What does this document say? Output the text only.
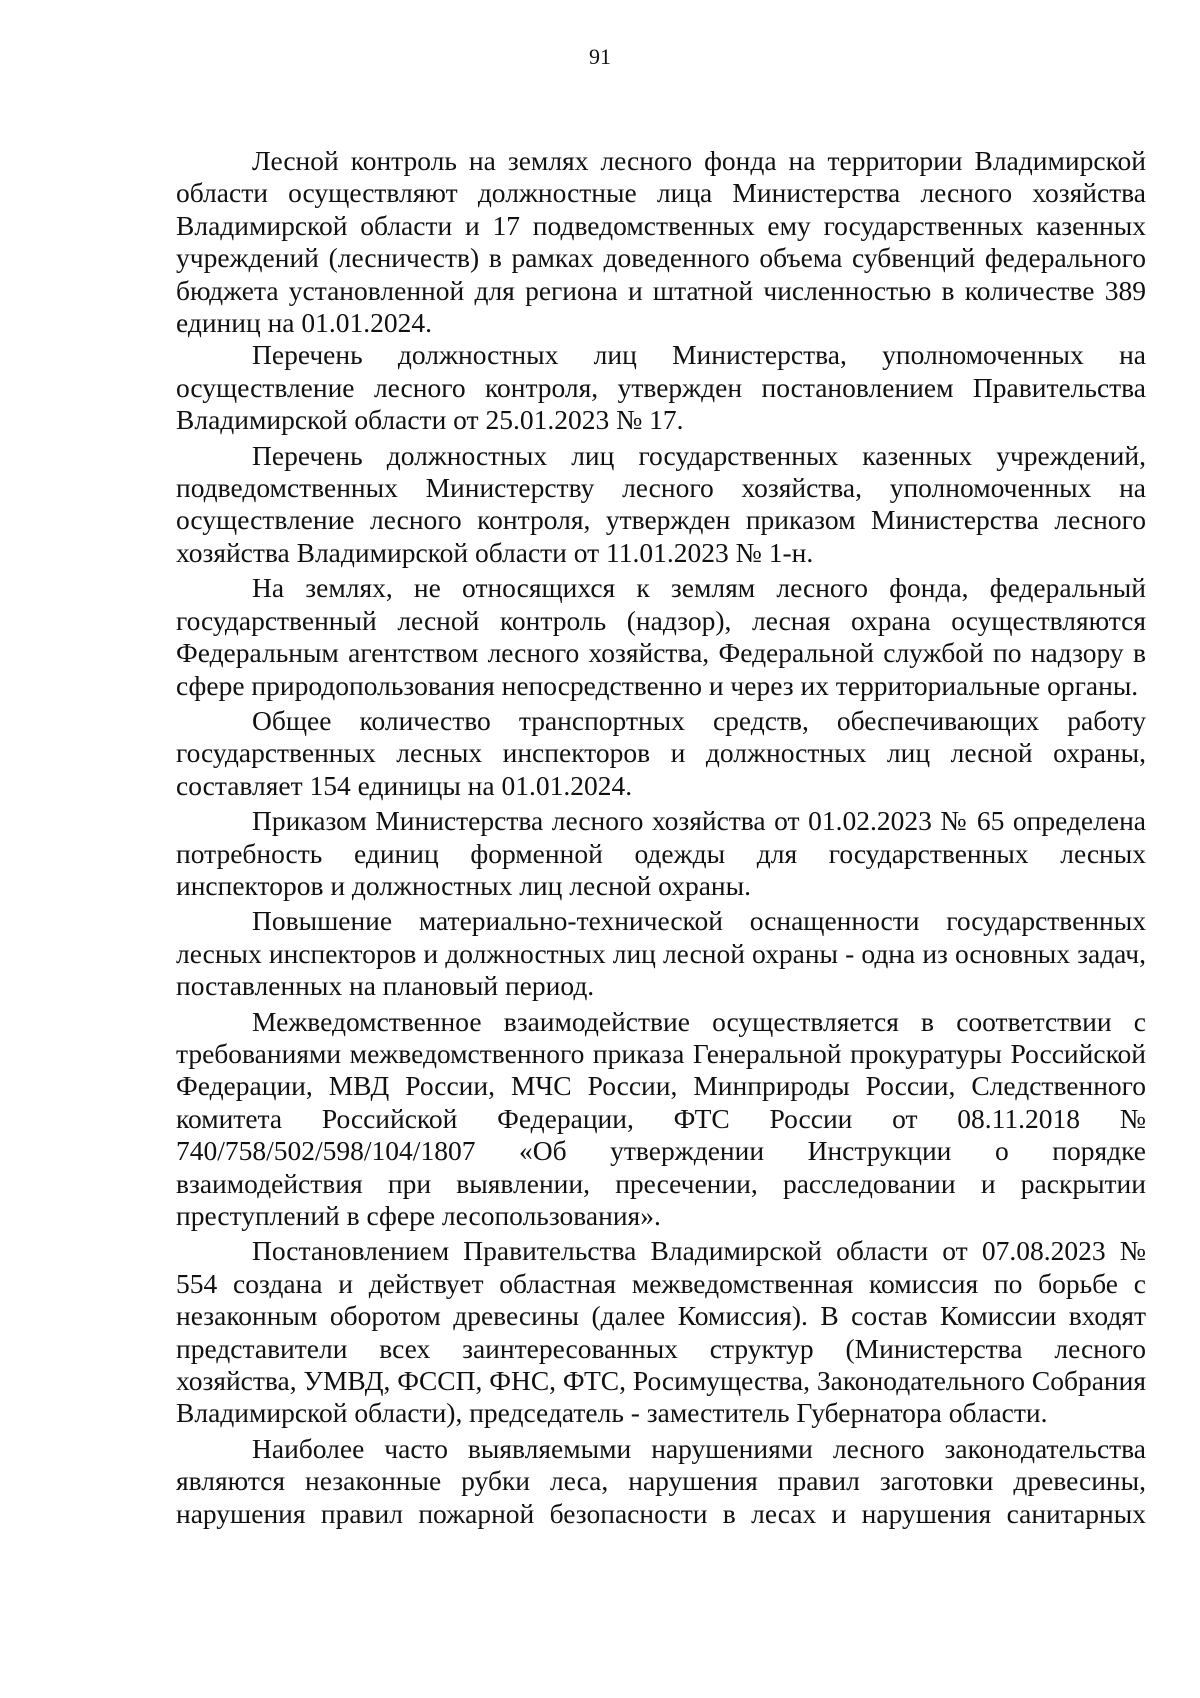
91

Лесной контроль на землях лесного фонда на территории Владимирской области осуществляют должностные лица Министерства лесного хозяйства Владимирской области и 17 подведомственных ему государственных казенных учреждений (лесничеств) в рамках доведенного объема субвенций федерального бюджета установленной для региона и штатной численностью в количестве 389 единиц на 01.01.2024.

Перечень должностных лиц Министерства, уполномоченных на осуществление лесного контроля, утвержден постановлением Правительства Владимирской области от 25.01.2023 № 17.

Перечень должностных лиц государственных казенных учреждений, подведомственных Министерству лесного хозяйства, уполномоченных на осуществление лесного контроля, утвержден приказом Министерства лесного хозяйства Владимирской области от 11.01.2023 № 1-н.

На землях, не относящихся к землям лесного фонда, федеральный государственный лесной контроль (надзор), лесная охрана осуществляются Федеральным агентством лесного хозяйства, Федеральной службой по надзору в сфере природопользования непосредственно и через их территориальные органы.

Общее количество транспортных средств, обеспечивающих работу государственных лесных инспекторов и должностных лиц лесной охраны, составляет 154 единицы на 01.01.2024.

Приказом Министерства лесного хозяйства от 01.02.2023 № 65 определена потребность единиц форменной одежды для государственных лесных инспекторов и должностных лиц лесной охраны.

Повышение материально-технической оснащенности государственных лесных инспекторов и должностных лиц лесной охраны - одна из основных задач, поставленных на плановый период.

Межведомственное взаимодействие осуществляется в соответствии с требованиями межведомственного приказа Генеральной прокуратуры Российской Федерации, МВД России, МЧС России, Минприроды России, Следственного комитета Российской Федерации, ФТС России от 08.11.2018 № 740/758/502/598/104/1807 «Об утверждении Инструкции о порядке взаимодействия при выявлении, пресечении, расследовании и раскрытии преступлений в сфере лесопользования».

Постановлением Правительства Владимирской области от 07.08.2023 № 554 создана и действует областная межведомственная комиссия по борьбе с незаконным оборотом древесины (далее Комиссия). В состав Комиссии входят представители всех заинтересованных структур (Министерства лесного хозяйства, УМВД, ФССП, ФНС, ФТС, Росимущества, Законодательного Собрания Владимирской области), председатель - заместитель Губернатора области.

Наиболее часто выявляемыми нарушениями лесного законодательства являются незаконные рубки леса, нарушения правил заготовки древесины, нарушения правил пожарной безопасности в лесах и нарушения санитарных
